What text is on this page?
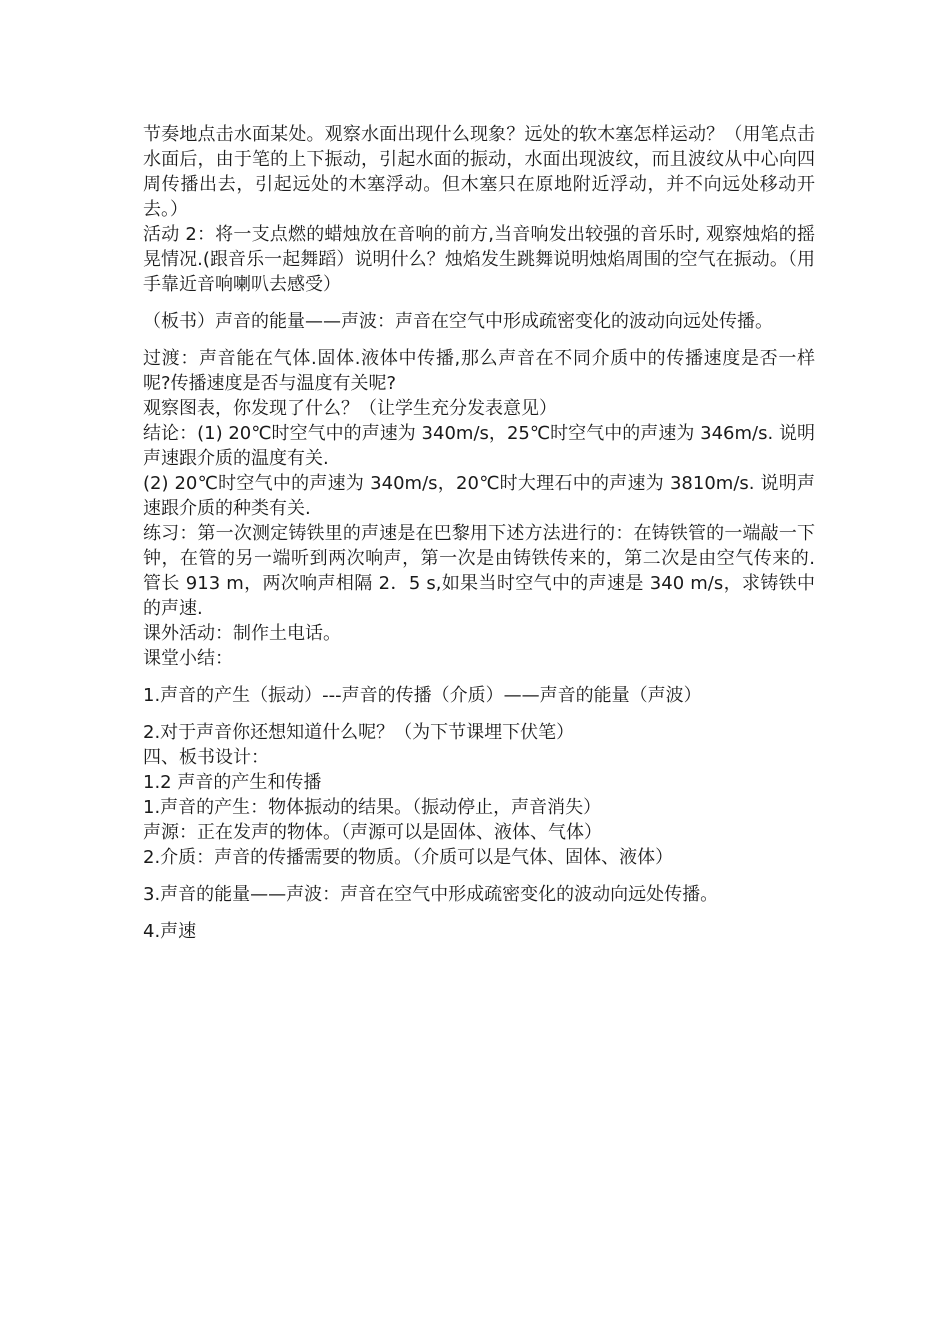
节奏地点击水面某处。观察水面出现什么现象？远处的软木塞怎样运动？（用笔点击水面后，由于笔的上下振动，引起水面的振动，水面出现波纹，而且波纹从中心向四周传播出去，引起远处的木塞浮动。但木塞只在原地附近浮动，并不向远处移动开去。）

活动 2：将一支点燃的蜡烛放在音响的前方,当音响发出较强的音乐时, 观察烛焰的摇晃情况.(跟音乐一起舞蹈）说明什么？烛焰发生跳舞说明烛焰周围的空气在振动。（用手靠近音响喇叭去感受）

（板书）声音的能量——声波：声音在空气中形成疏密变化的波动向远处传播。

过渡：声音能在气体.固体.液体中传播,那么声音在不同介质中的传播速度是否一样呢?传播速度是否与温度有关呢?

观察图表，你发现了什么？（让学生充分发表意见）

结论：(1) 20℃时空气中的声速为 340m/s，25℃时空气中的声速为 346m/s. 说明声速跟介质的温度有关.

(2) 20℃时空气中的声速为 340m/s，20℃时大理石中的声速为 3810m/s. 说明声速跟介质的种类有关.

练习：第一次测定铸铁里的声速是在巴黎用下述方法进行的：在铸铁管的一端敲一下钟，在管的另一端听到两次响声，第一次是由铸铁传来的，第二次是由空气传来的. 管长 913 m，两次响声相隔 2．5 s,如果当时空气中的声速是 340 m/s，求铸铁中的声速.

课外活动：制作土电话。

课堂小结：

1.声音的产生（振动）---声音的传播（介质）——声音的能量（声波）

2.对于声音你还想知道什么呢？（为下节课埋下伏笔）

四、板书设计：

1.2 声音的产生和传播

1.声音的产生：物体振动的结果。（振动停止，声音消失）

声源：正在发声的物体。（声源可以是固体、液体、气体）

2.介质：声音的传播需要的物质。（介质可以是气体、固体、液体）

3.声音的能量——声波：声音在空气中形成疏密变化的波动向远处传播。

4.声速
